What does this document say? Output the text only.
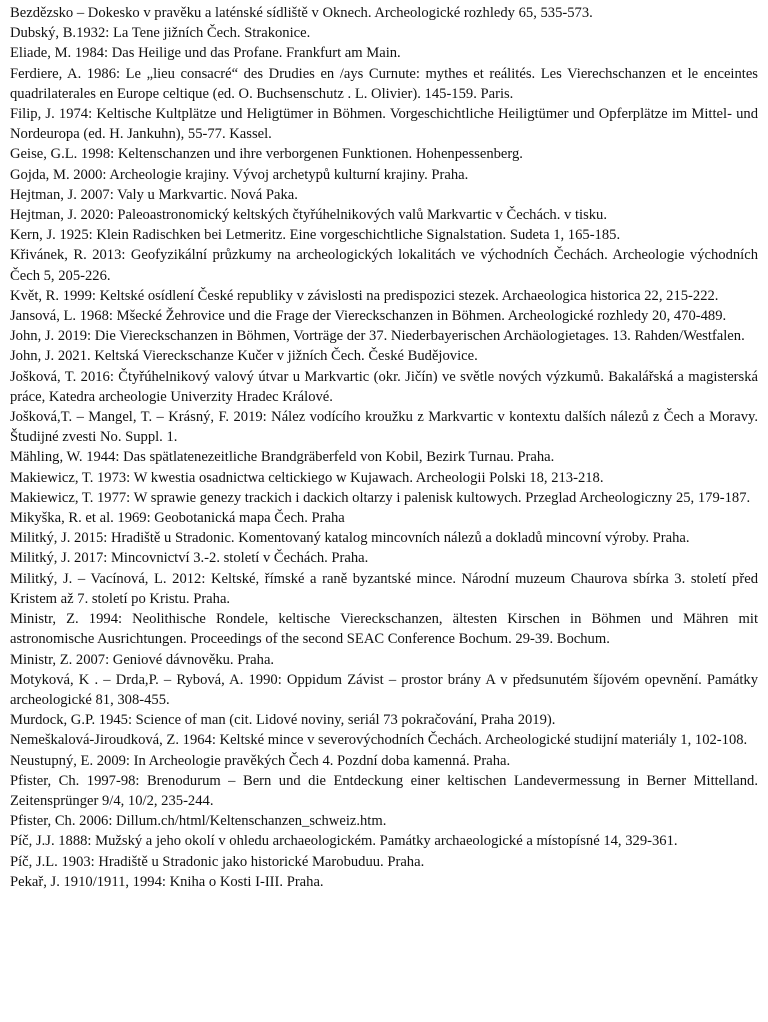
Bezdězsko – Dokesko v pravěku a laténské sídliště v Oknech. Archeologické rozhledy 65, 535-573.
Dubský, B.1932: La Tene jižních Čech. Strakonice.
Eliade, M. 1984: Das Heilige und das Profane. Frankfurt am Main.
Ferdiere, A. 1986: Le „lieu consacré“ des Drudies en /ays Curnute: mythes et reálités. Les Vierechschanzen et le enceintes quadrilaterales en Europe celtique (ed. O. Buchsenschutz . L. Olivier). 145-159. Paris.
Filip, J. 1974: Keltische Kultplätze und Heligtümer in Böhmen. Vorgeschichtliche Heiligtümer und Opferplätze im Mittel- und Nordeuropa (ed. H. Jankuhn), 55-77. Kassel.
Geise, G.L. 1998: Keltenschanzen und ihre verborgenen Funktionen. Hohenpessenberg.
Gojda, M. 2000: Archeologie krajiny. Vývoj archetypů kulturní krajiny. Praha.
Hejtman, J. 2007: Valy u Markvartic. Nová Paka.
Hejtman, J. 2020: Paleoastronomický keltských čtyřúhelnikových valů Markvartic v Čechách. v tisku.
Kern, J. 1925: Klein Radischken bei Letmeritz. Eine vorgeschichtliche Signalstation. Sudeta 1, 165-185.
Křivánek, R. 2013: Geofyzikální průzkumy na archeologických lokalitách ve východních Čechách. Archeologie východních Čech 5, 205-226.
Květ, R. 1999: Keltské osídlení České republiky v závislosti na predispozici stezek. Archaeologica historica 22, 215-222.
Jansová, L. 1968: Mšecké Žehrovice und die Frage der Viereckschanzen in Böhmen. Archeologické rozhledy 20, 470-489.
John, J. 2019: Die Viereckschanzen in Böhmen, Vorträge der 37. Niederbayerischen Archäologietages. 13. Rahden/Westfalen.
John, J. 2021. Keltská Viereckschanze Kučer v jižních Čech. České Budějovice.
Jošková, T. 2016: Čtyřúhelnikový valový útvar u Markvartic (okr. Jičín) ve světle nových výzkumů. Bakalářská a magisterská práce, Katedra archeologie Univerzity Hradec Králové.
Jošková,T. – Mangel, T. – Krásný, F. 2019: Nález vodícího kroužku z Markvartic v kontextu dalších nálezů z Čech a Moravy. Študijné zvesti No. Suppl. 1.
Mähling, W. 1944: Das spätlatenezeitliche Brandgräberfeld von Kobil, Bezirk Turnau. Praha.
Makiewicz, T. 1973: W kwestia osadnictwa celtickiego w Kujawach. Archeologii Polski 18, 213-218.
Makiewicz, T. 1977: W sprawie genezy trackich i dackich oltarzy i palenisk kultowych. Przeglad Archeologiczny 25, 179-187.
Mikyška, R. et al. 1969: Geobotanická mapa Čech. Praha
Militký, J. 2015: Hradiště u Stradonic. Komentovaný katalog mincovních nálezů a dokladů mincovní výroby. Praha.
Militký, J. 2017: Mincovnictví 3.-2. století v Čechách. Praha.
Militký, J. – Vacínová, L. 2012: Keltské, římské a raně byzantské mince. Národní muzeum Chaurova sbírka 3. století před Kristem až 7. století po Kristu. Praha.
Ministr, Z. 1994: Neolithische Rondele, keltische Viereckschanzen, ältesten Kirschen in Böhmen und Mähren mit astronomische Ausrichtungen. Proceedings of the second SEAC Conference Bochum. 29-39. Bochum.
Ministr, Z. 2007: Geniové dávnověku. Praha.
Motyková, K . – Drda,P. – Rybová, A. 1990: Oppidum Závist – prostor brány A v předsunutém šíjovém opevnění. Památky archeologické 81, 308-455.
Murdock, G.P. 1945: Science of man (cit. Lidové noviny, seriál 73 pokračování, Praha 2019).
Nemeškalová-Jiroudková, Z. 1964: Keltské mince v severovýchodních Čechách. Archeologické studijní materiály 1, 102-108.
Neustupný, E. 2009: In Archeologie pravěkých Čech 4. Pozdní doba kamenná. Praha.
Pfister, Ch. 1997-98: Brenodurum – Bern und die Entdeckung einer keltischen Landevermessung in Berner Mittelland. Zeitensprünger 9/4, 10/2, 235-244.
Pfister, Ch. 2006: Dillum.ch/html/Keltenschanzen_schweiz.htm.
Píč, J.J. 1888: Mužský a jeho okolí v ohledu archaeologickém. Památky archaeologické a místopísné 14, 329-361.
Píč, J.L. 1903: Hradiště u Stradonic jako historické Marobuduu. Praha.
Pekař, J. 1910/1911, 1994: Kniha o Kosti I-III. Praha.
